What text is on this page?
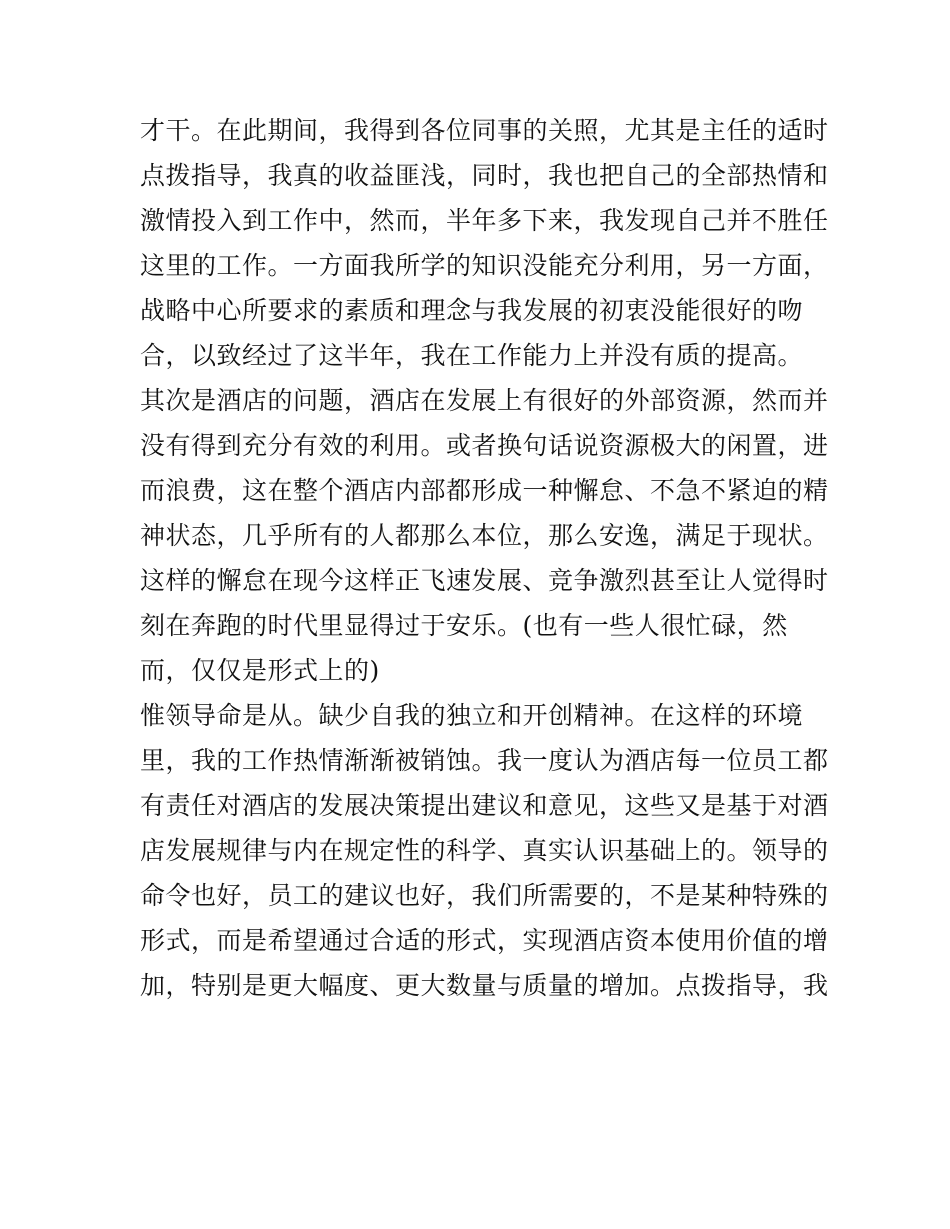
才干。在此期间，我得到各位同事的关照，尤其是主任的适时
点拨指导，我真的收益匪浅，同时，我也把自己的全部热情和
激情投入到工作中，然而，半年多下来，我发现自己并不胜任
这里的工作。一方面我所学的知识没能充分利用，另一方面，
战略中心所要求的素质和理念与我发展的初衷没能很好的吻
合，以致经过了这半年，我在工作能力上并没有质的提高。
其次是酒店的问题，酒店在发展上有很好的外部资源，然而并
没有得到充分有效的利用。或者换句话说资源极大的闲置，进
而浪费，这在整个酒店内部都形成一种懈怠、不急不紧迫的精
神状态，几乎所有的人都那么本位，那么安逸，满足于现状。
这样的懈怠在现今这样正飞速发展、竞争激烈甚至让人觉得时
刻在奔跑的时代里显得过于安乐。(也有一些人很忙碌，然
而，仅仅是形式上的)
惟领导命是从。缺少自我的独立和开创精神。在这样的环境
里，我的工作热情渐渐被销蚀。我一度认为酒店每一位员工都
有责任对酒店的发展决策提出建议和意见，这些又是基于对酒
店发展规律与内在规定性的科学、真实认识基础上的。领导的
命令也好，员工的建议也好，我们所需要的，不是某种特殊的
形式，而是希望通过合适的形式，实现酒店资本使用价值的增
加，特别是更大幅度、更大数量与质量的增加。点拨指导，我
